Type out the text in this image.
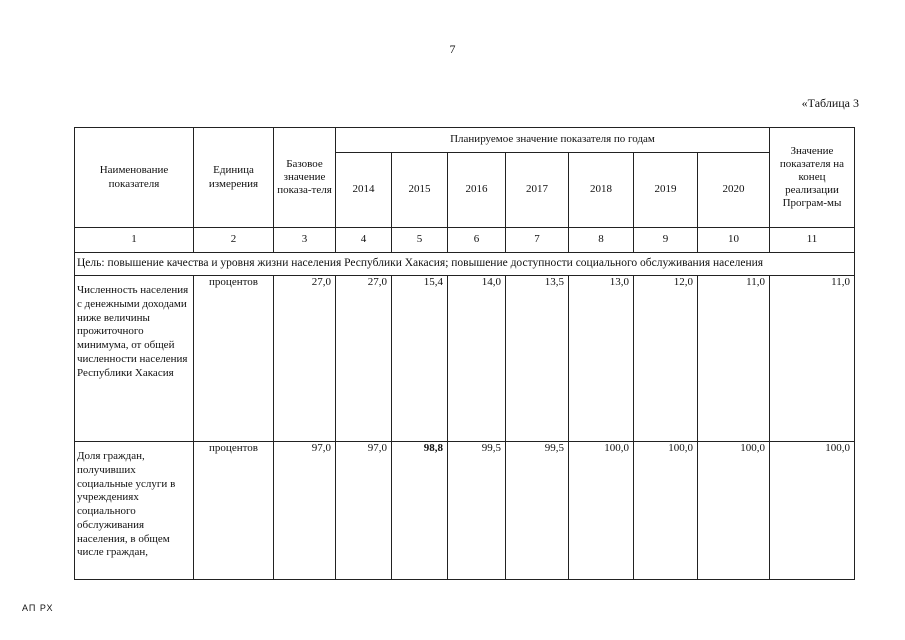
7
«Таблица 3
Наименование показателя	Единица измерения	Базовое значение показа-теля	Планируемое значение показателя по годам							Значение показателя на конец реализации Програм-мы
			2014	2015	2016	2017	2018	2019	2020	
1	2	3	4	5	6	7	8	9	10	11
Цель: повышение качества и уровня жизни населения Республики Хакасия; повышение доступности социального обслуживания населения										
Численность населения с денежными доходами ниже величины прожиточного минимума, от общей численности населения Республики Хакасия	процентов	27,0	27,0	15,4	14,0	13,5	13,0	12,0	11,0	11,0
Доля граждан, получивших социальные услуги в учреждениях социального обслуживания населения, в общем числе граждан,	процентов	97,0	97,0	98,8	99,5	99,5	100,0	100,0	100,0	100,0
АП РХ
